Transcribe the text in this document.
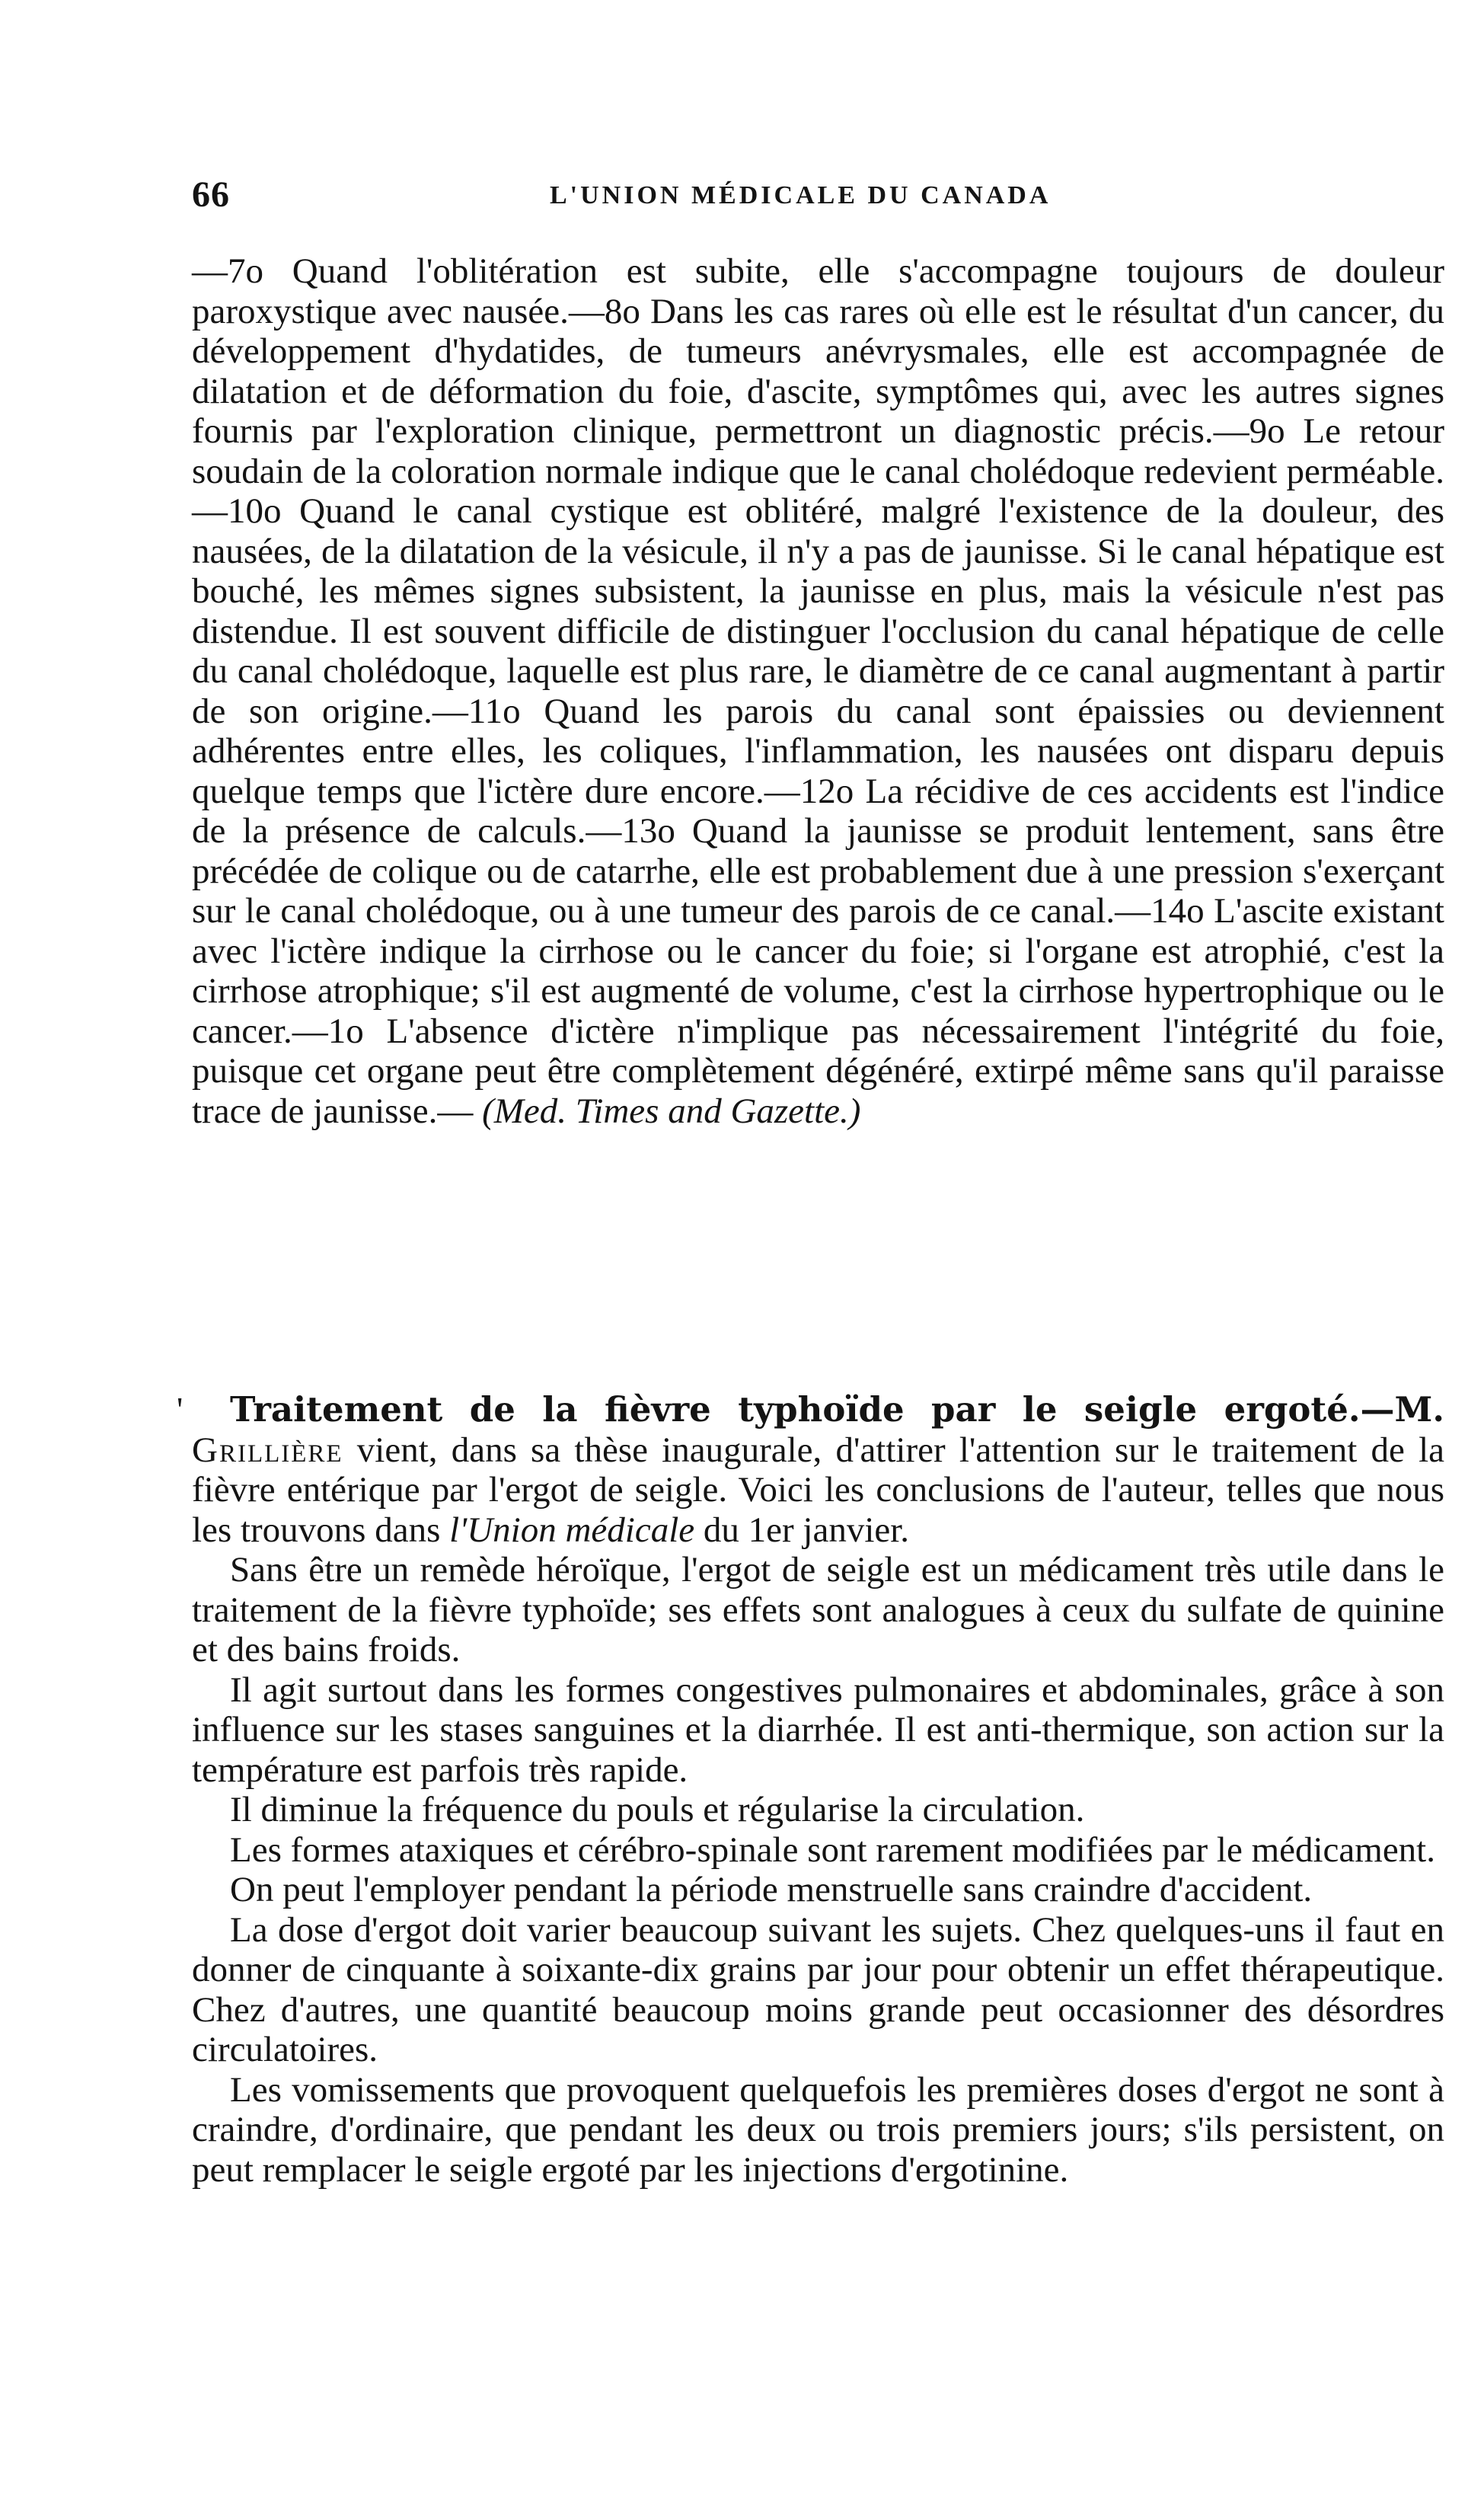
66	L'UNION MÉDICALE DU CANADA

—7o Quand l'oblitération est subite, elle s'accompagne toujours de douleur paroxystique avec nausée.—8o Dans les cas rares où elle est le résultat d'un cancer, du développement d'hydatides, de tumeurs anévrysmales, elle est accompagnée de dilatation et de déformation du foie, d'ascite, symptômes qui, avec les autres signes fournis par l'exploration clinique, permettront un diagnostic précis.—9o Le retour soudain de la coloration normale indique que le canal cholédoque redevient perméable.—10o Quand le canal cystique est oblitéré, malgré l'existence de la douleur, des nausées, de la dilatation de la vésicule, il n'y a pas de jaunisse. Si le canal hépatique est bouché, les mêmes signes subsistent, la jaunisse en plus, mais la vésicule n'est pas distendue. Il est souvent difficile de distinguer l'occlusion du canal hépatique de celle du canal cholédoque, laquelle est plus rare, le diamètre de ce canal augmentant à partir de son origine.—11o Quand les parois du canal sont épaissies ou deviennent adhérentes entre elles, les coliques, l'inflammation, les nausées ont disparu depuis quelque temps que l'ictère dure encore.—12o La récidive de ces accidents est l'indice de la présence de calculs.—13o Quand la jaunisse se produit lentement, sans être précédée de colique ou de catarrhe, elle est probablement due à une pression s'exerçant sur le canal cholédoque, ou à une tumeur des parois de ce canal.—14o L'ascite existant avec l'ictère indique la cirrhose ou le cancer du foie; si l'organe est atrophié, c'est la cirrhose atrophique; s'il est augmenté de volume, c'est la cirrhose hypertrophique ou le cancer.—1o L'absence d'ictère n'implique pas nécessairement l'intégrité du foie, puisque cet organe peut être complètement dégénéré, extirpé même sans qu'il paraisse trace de jaunisse.— (Med. Times and Gazette.)

'	Traitement de la fièvre typhoïde par le seigle ergoté.—M. Grillière vient, dans sa thèse inaugurale, d'attirer l'attention sur le traitement de la fièvre entérique par l'ergot de seigle. Voici les conclusions de l'auteur, telles que nous les trouvons dans l'Union médicale du 1er janvier.

Sans être un remède héroïque, l'ergot de seigle est un médicament très utile dans le traitement de la fièvre typhoïde; ses effets sont analogues à ceux du sulfate de quinine et des bains froids.

Il agit surtout dans les formes congestives pulmonaires et abdominales, grâce à son influence sur les stases sanguines et la diarrhée. Il est anti-thermique, son action sur la température est parfois très rapide.

Il diminue la fréquence du pouls et régularise la circulation.

Les formes ataxiques et cérébro-spinale sont rarement modifiées par le médicament.

On peut l'employer pendant la période menstruelle sans craindre d'accident.

La dose d'ergot doit varier beaucoup suivant les sujets. Chez quelques-uns il faut en donner de cinquante à soixante-dix grains par jour pour obtenir un effet thérapeutique. Chez d'autres, une quantité beaucoup moins grande peut occasionner des désordres circulatoires.

Les vomissements que provoquent quelquefois les premières doses d'ergot ne sont à craindre, d'ordinaire, que pendant les deux ou trois premiers jours; s'ils persistent, on peut remplacer le seigle ergoté par les injections d'ergotinine.
